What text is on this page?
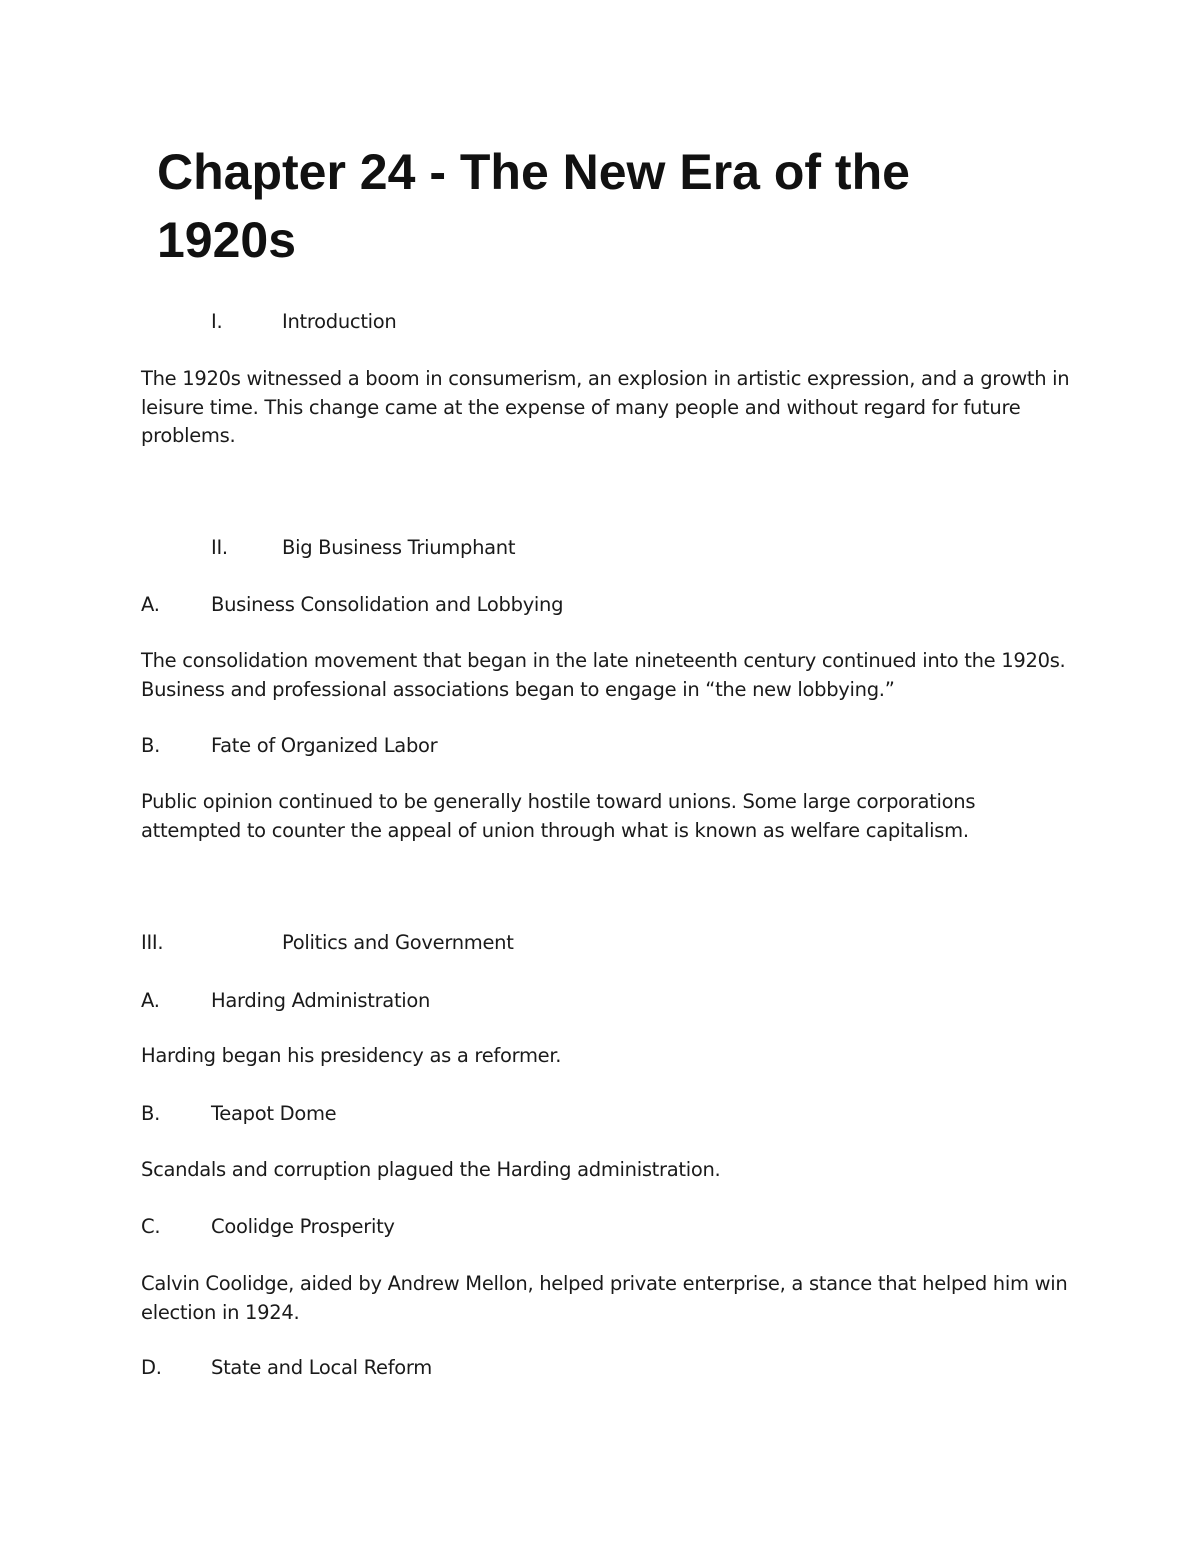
Chapter 24 - The New Era of the 1920s
I.	Introduction

The 1920s witnessed a boom in consumerism, an explosion in artistic expression, and a growth in leisure time. This change came at the expense of many people and without regard for future problems.

II.	Big Business Triumphant
A.	Business Consolidation and Lobbying

The consolidation movement that began in the late nineteenth century continued into the 1920s. Business and professional associations began to engage in “the new lobbying.”

B.	Fate of Organized Labor

Public opinion continued to be generally hostile toward unions. Some large corporations attempted to counter the appeal of union through what is known as welfare capitalism.

III.	Politics and Government
A.	Harding Administration

Harding began his presidency as a reformer.

B.	Teapot Dome

Scandals and corruption plagued the Harding administration.

C.	Coolidge Prosperity

Calvin Coolidge, aided by Andrew Mellon, helped private enterprise, a stance that helped him win election in 1924.

D.	State and Local Reform
